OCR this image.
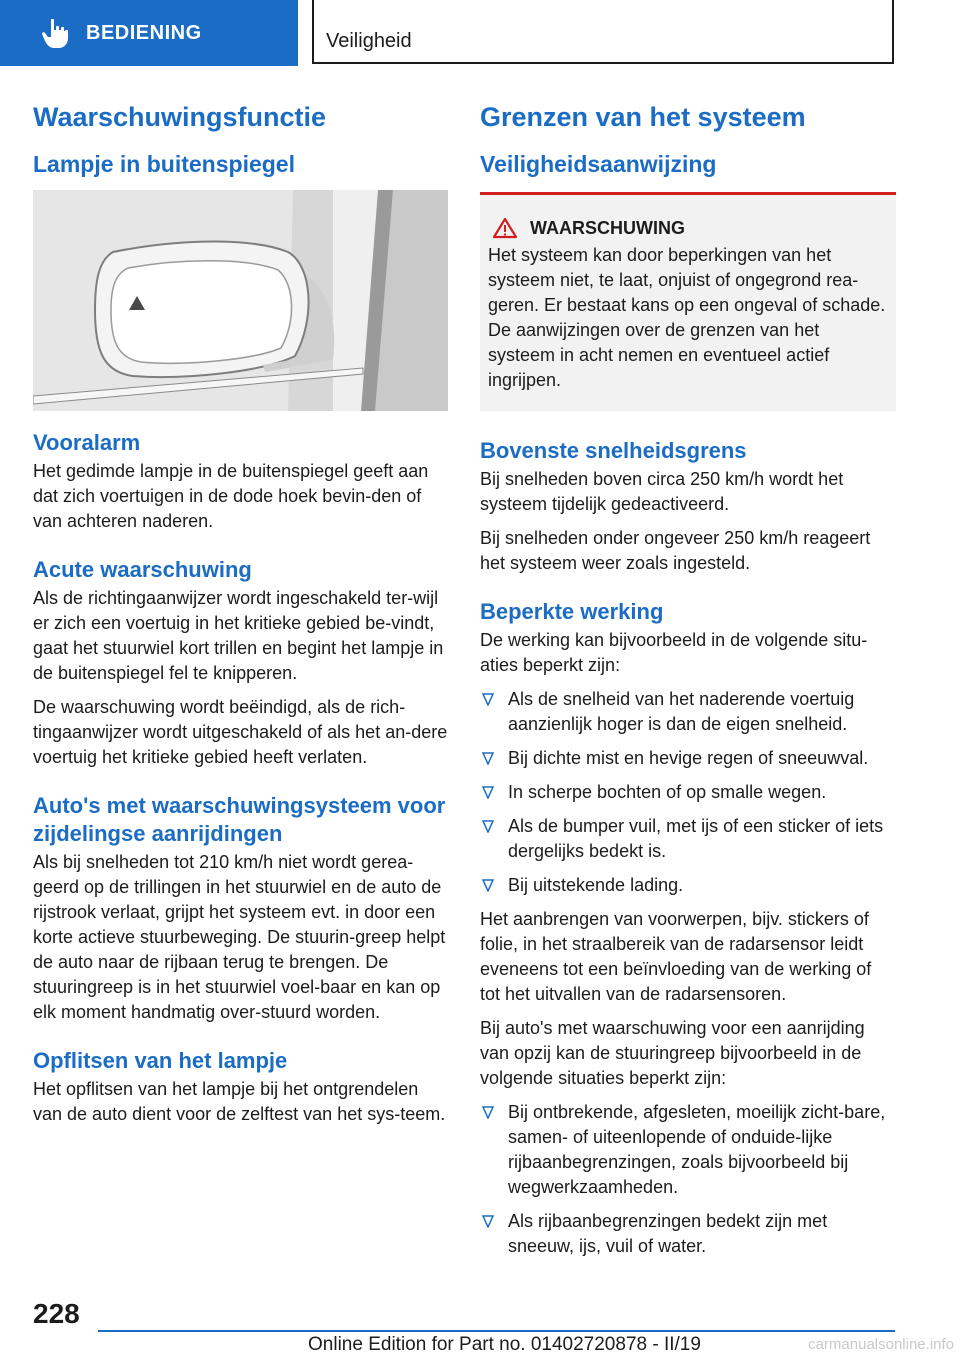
BEDIENING	Veiligheid
Waarschuwingsfunctie
Lampje in buitenspiegel
Vooralarm

Het gedimde lampje in de buitenspiegel geeft aan dat zich voertuigen in de dode hoek bevin-den of van achteren naderen.

Acute waarschuwing

Als de richtingaanwijzer wordt ingeschakeld ter-wijl er zich een voertuig in het kritieke gebied be-vindt, gaat het stuurwiel kort trillen en begint het lampje in de buitenspiegel fel te knipperen.

De waarschuwing wordt beëindigd, als de rich-tingaanwijzer wordt uitgeschakeld of als het an-dere voertuig het kritieke gebied heeft verlaten.

Auto's met waarschuwingsysteem voor zijdelingse aanrijdingen

Als bij snelheden tot 210 km/h niet wordt gerea-geerd op de trillingen in het stuurwiel en de auto de rijstrook verlaat, grijpt het systeem evt. in door een korte actieve stuurbeweging. De stuurin-greep helpt de auto naar de rijbaan terug te brengen. De stuuringreep is in het stuurwiel voel-baar en kan op elk moment handmatig over-stuurd worden.

Opflitsen van het lampje

Het opflitsen van het lampje bij het ontgrendelen van de auto dient voor de zelftest van het sys-teem.

Grenzen van het systeem
Veiligheidsaanwijzing
WAARSCHUWING

Het systeem kan door beperkingen van het systeem niet, te laat, onjuist of ongegrond rea-geren. Er bestaat kans op een ongeval of schade. De aanwijzingen over de grenzen van het systeem in acht nemen en eventueel actief ingrijpen.

Bovenste snelheidsgrens

Bij snelheden boven circa 250 km/h wordt het systeem tijdelijk gedeactiveerd.

Bij snelheden onder ongeveer 250 km/h reageert het systeem weer zoals ingesteld.

Beperkte werking

De werking kan bijvoorbeeld in de volgende situ-aties beperkt zijn:

Als de snelheid van het naderende voertuig aanzienlijk hoger is dan de eigen snelheid.
Bij dichte mist en hevige regen of sneeuwval.
In scherpe bochten of op smalle wegen.
Als de bumper vuil, met ijs of een sticker of iets dergelijks bedekt is.
Bij uitstekende lading.

Het aanbrengen van voorwerpen, bijv. stickers of folie, in het straalbereik van de radarsensor leidt eveneens tot een beïnvloeding van de werking of tot het uitvallen van de radarsensoren.

Bij auto's met waarschuwing voor een aanrijding van opzij kan de stuuringreep bijvoorbeeld in de volgende situaties beperkt zijn:

Bij ontbrekende, afgesleten, moeilijk zicht-bare, samen- of uiteenlopende of onduide-lijke rijbaanbegrenzingen, zoals bijvoorbeeld bij wegwerkzaamheden.
Als rijbaanbegrenzingen bedekt zijn met sneeuw, ijs, vuil of water.
228
Online Edition for Part no. 01402720878 - II/19	carmanualsonline.info
